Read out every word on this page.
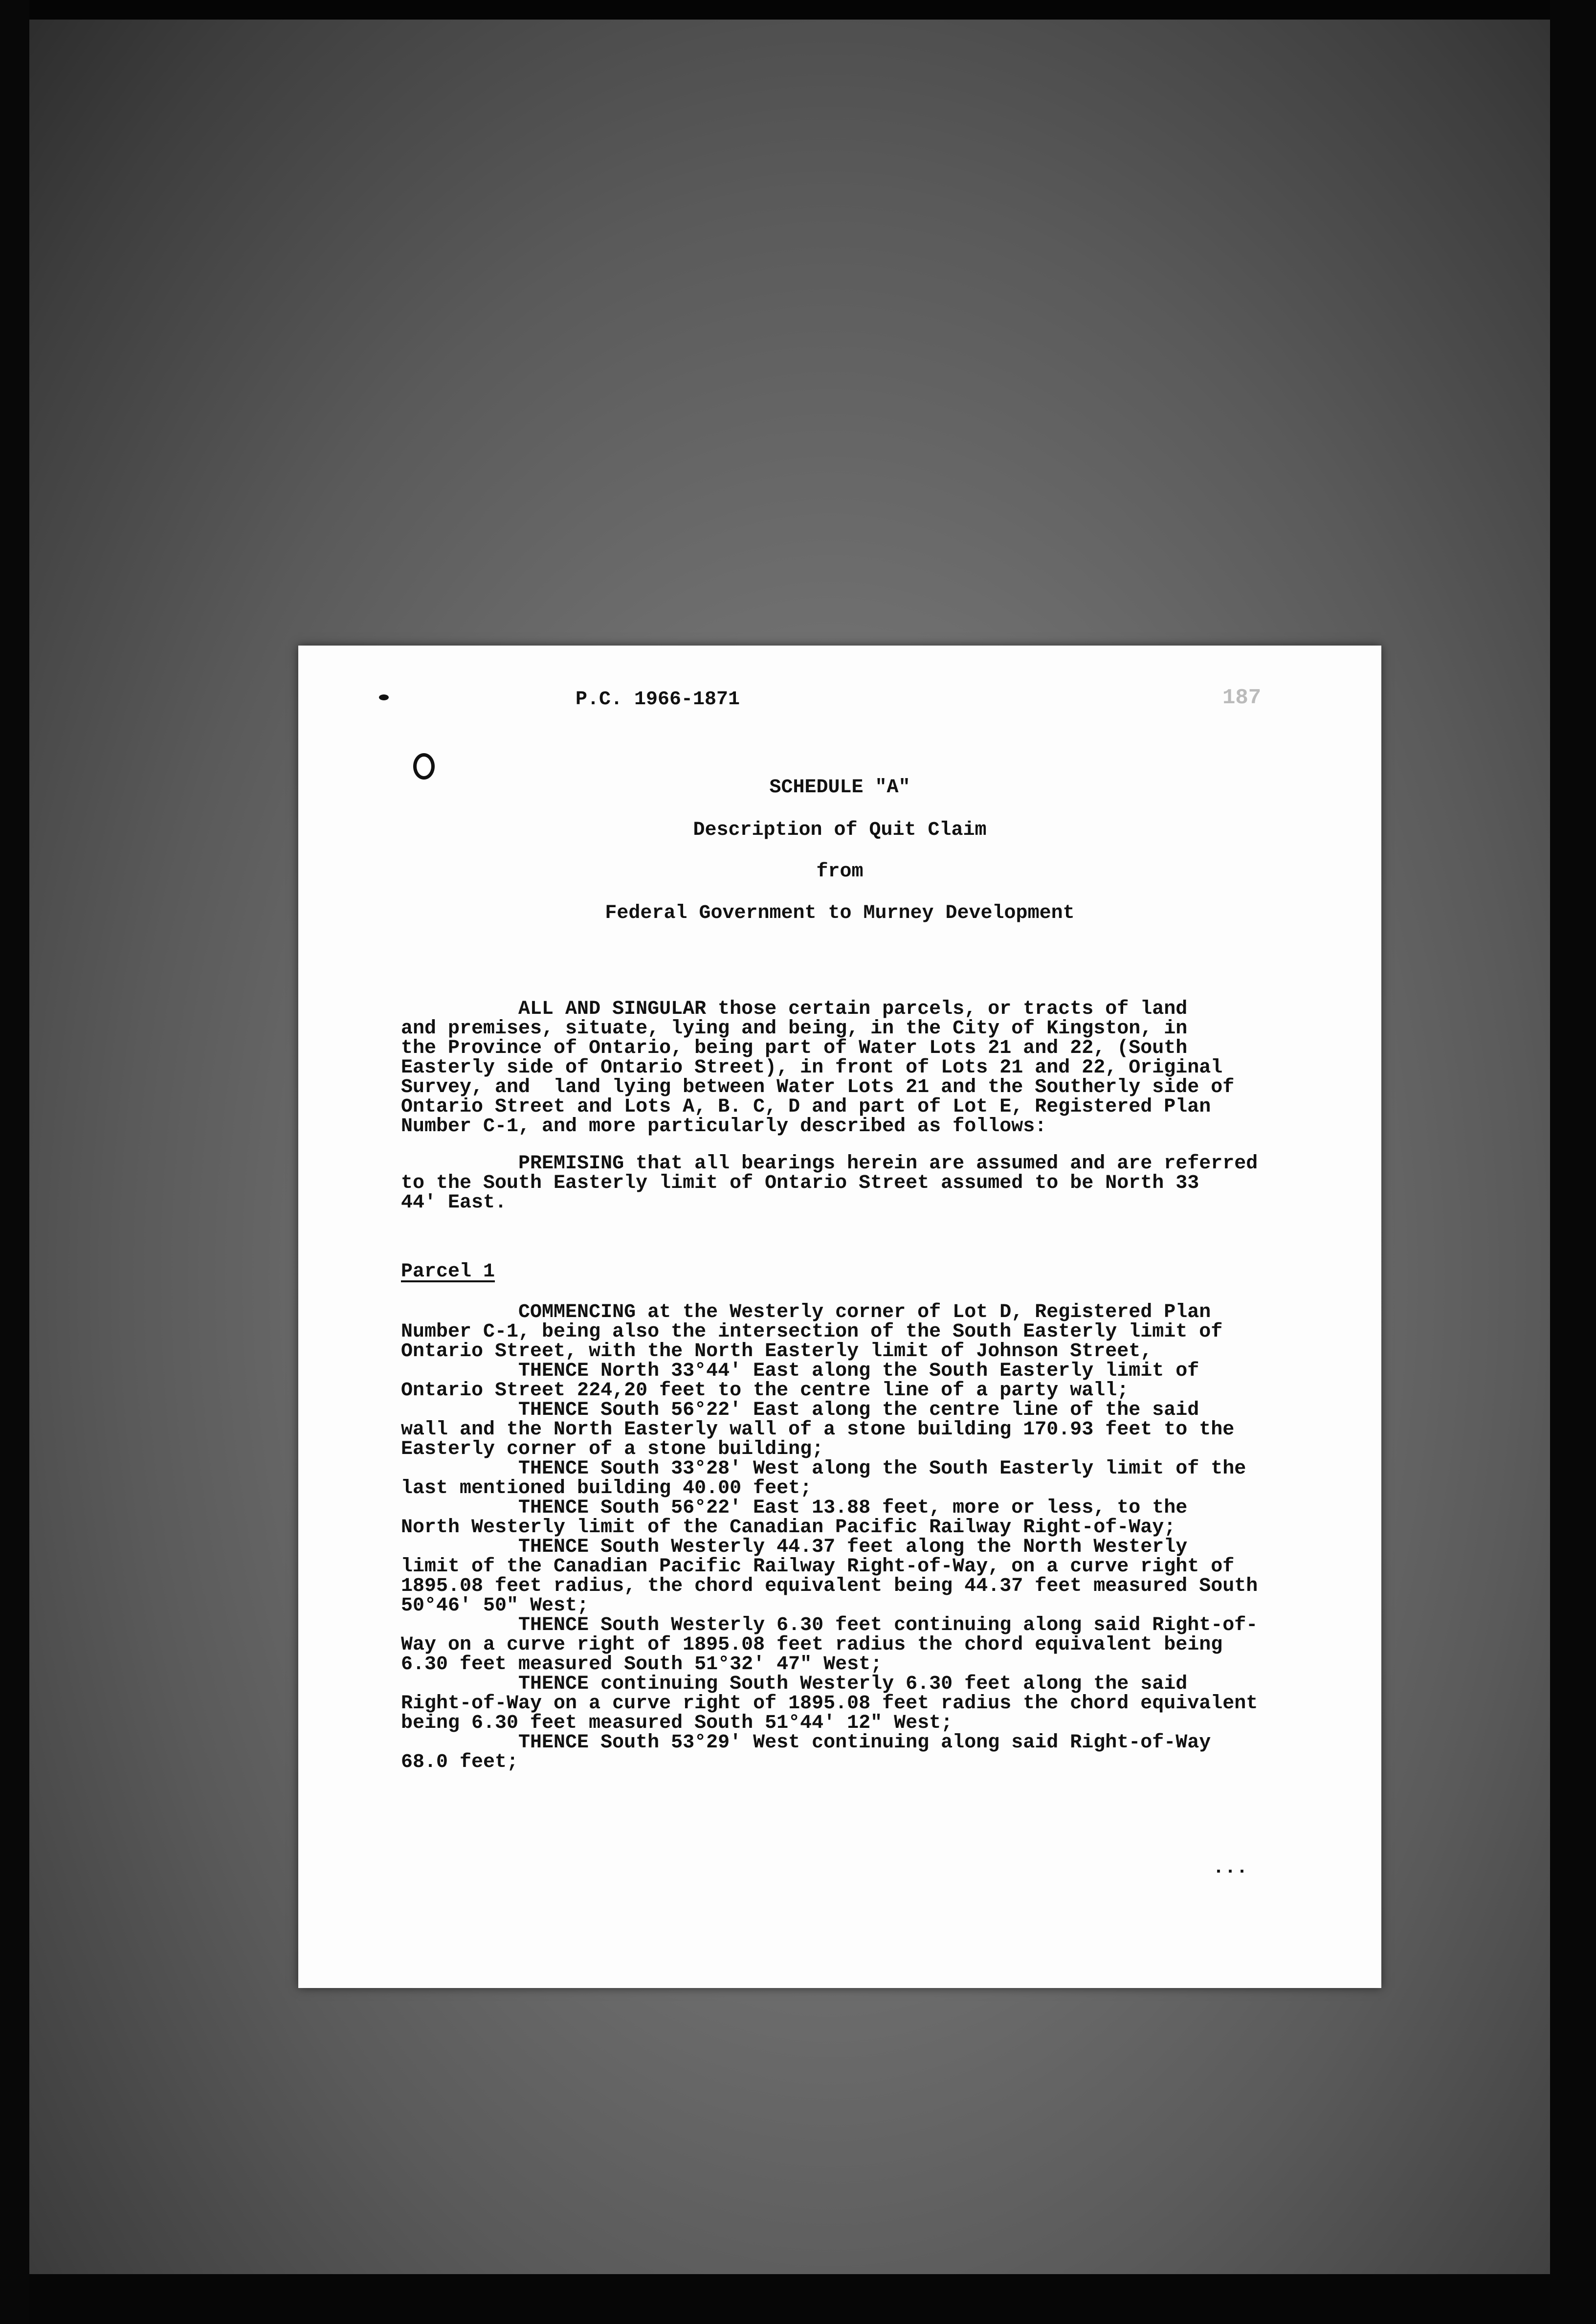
P.C. 1966-1871	187
SCHEDULE "A"
Description of Quit Claim
from
Federal Government to Murney Development
ALL AND SINGULAR those certain parcels, or tracts of land
and premises, situate, lying and being, in the City of Kingston, in
the Province of Ontario, being part of Water Lots 21 and 22, (South
Easterly side of Ontario Street), in front of Lots 21 and 22, Original
Survey, and  land lying between Water Lots 21 and the Southerly side of
Ontario Street and Lots A, B. C, D and part of Lot E, Registered Plan
Number C-1, and more particularly described as follows:
PREMISING that all bearings herein are assumed and are referred
to the South Easterly limit of Ontario Street assumed to be North 33
44' East.
Parcel 1
COMMENCING at the Westerly corner of Lot D, Registered Plan
Number C-1, being also the intersection of the South Easterly limit of
Ontario Street, with the North Easterly limit of Johnson Street,
THENCE North 33°44' East along the South Easterly limit of
Ontario Street 224,20 feet to the centre line of a party wall;
THENCE South 56°22' East along the centre line of the said
wall and the North Easterly wall of a stone building 170.93 feet to the
Easterly corner of a stone building;
THENCE South 33°28' West along the South Easterly limit of the
last mentioned building 40.00 feet;
THENCE South 56°22' East 13.88 feet, more or less, to the
North Westerly limit of the Canadian Pacific Railway Right-of-Way;
THENCE South Westerly 44.37 feet along the North Westerly
limit of the Canadian Pacific Railway Right-of-Way, on a curve right of
1895.08 feet radius, the chord equivalent being 44.37 feet measured South
50°46' 50" West;
THENCE South Westerly 6.30 feet continuing along said Right-of-
Way on a curve right of 1895.08 feet radius the chord equivalent being
6.30 feet measured South 51°32' 47" West;
THENCE continuing South Westerly 6.30 feet along the said
Right-of-Way on a curve right of 1895.08 feet radius the chord equivalent
being 6.30 feet measured South 51°44' 12" West;
THENCE South 53°29' West continuing along said Right-of-Way
68.0 feet;
...
